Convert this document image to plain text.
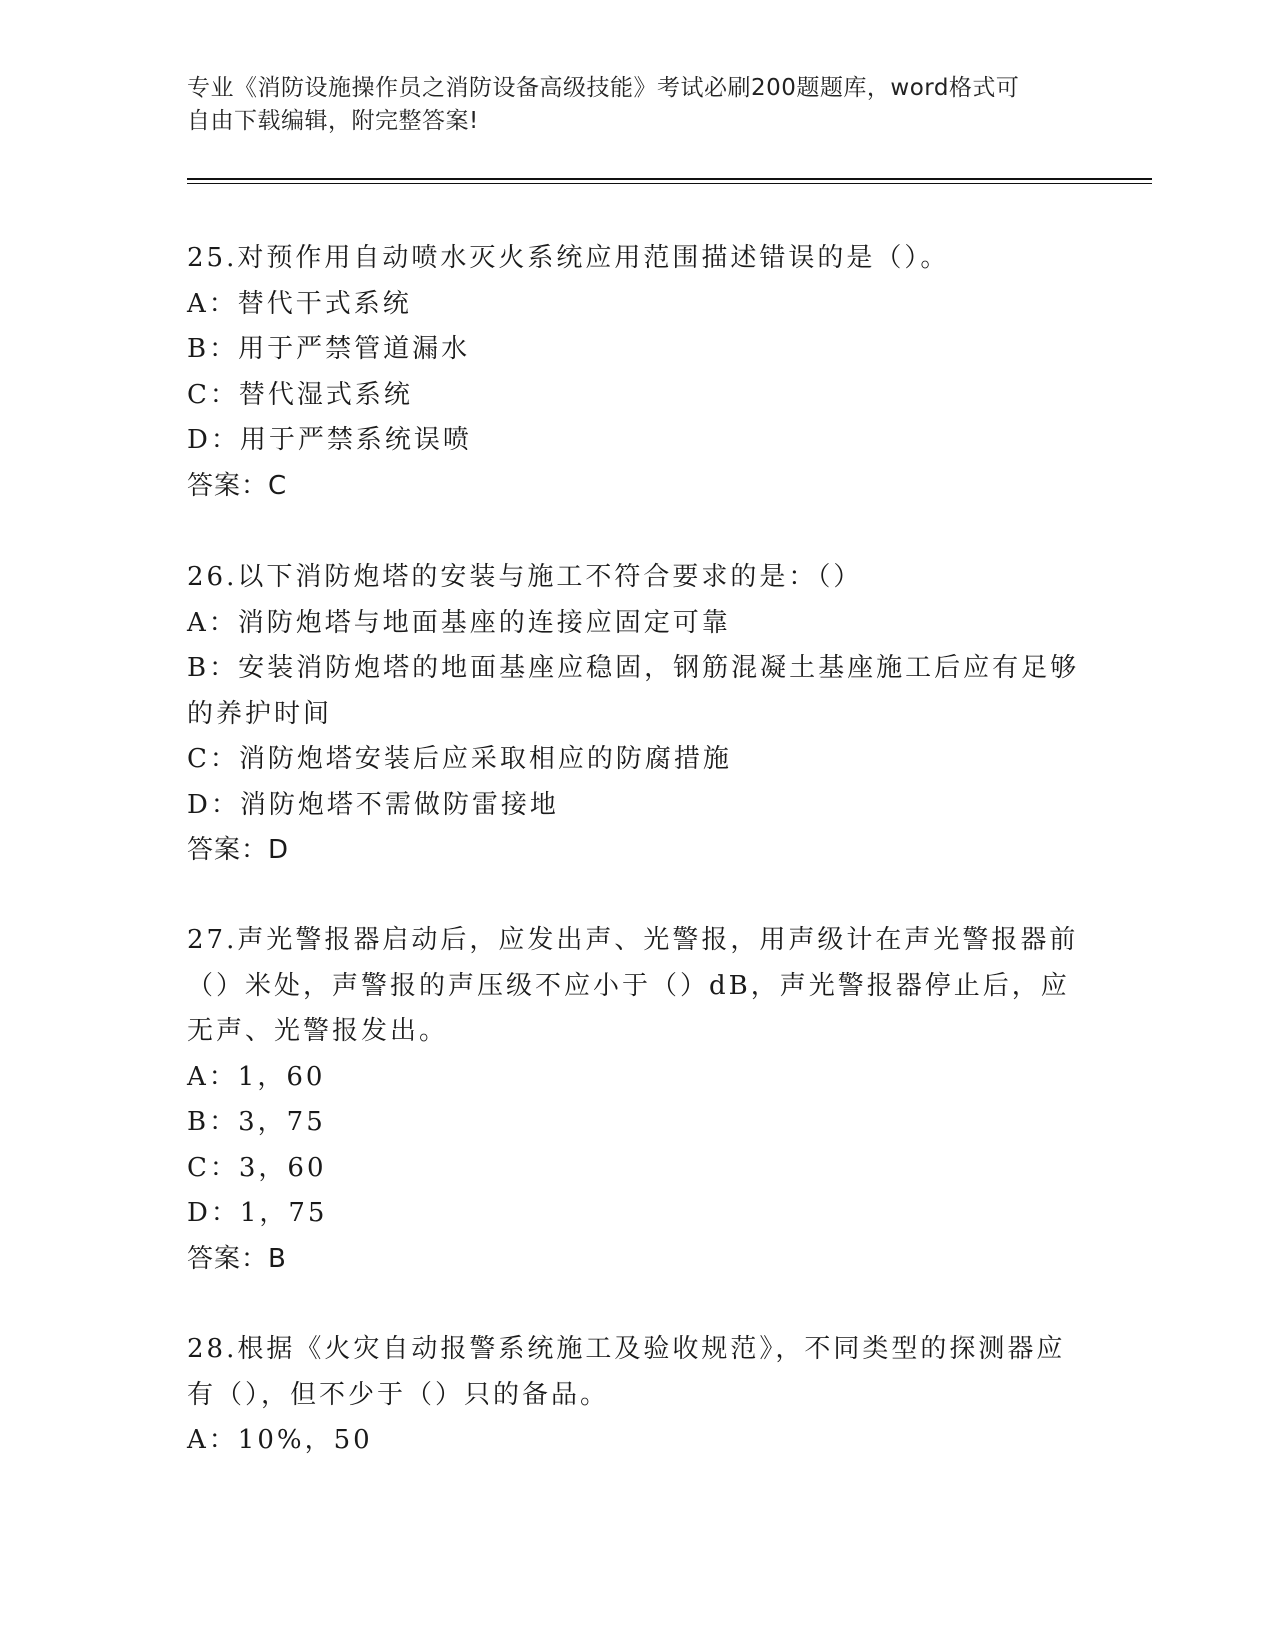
专业《消防设施操作员之消防设备高级技能》考试必刷200题题库，word格式可
自由下载编辑，附完整答案!
25.对预作用自动喷水灭火系统应用范围描述错误的是（）。
A：替代干式系统
B：用于严禁管道漏水
C：替代湿式系统
D：用于严禁系统误喷
答案：C
26.以下消防炮塔的安装与施工不符合要求的是：（）
A：消防炮塔与地面基座的连接应固定可靠
B：安装消防炮塔的地面基座应稳固，钢筋混凝土基座施工后应有足够的养护时间
C：消防炮塔安装后应采取相应的防腐措施
D：消防炮塔不需做防雷接地
答案：D
27.声光警报器启动后，应发出声、光警报，用声级计在声光警报器前（）米处，声警报的声压级不应小于（）dB，声光警报器停止后，应无声、光警报发出。
A：1，60
B：3，75
C：3，60
D：1，75
答案：B
28.根据《火灾自动报警系统施工及验收规范》，不同类型的探测器应有（），但不少于（）只的备品。
A：10%，50
